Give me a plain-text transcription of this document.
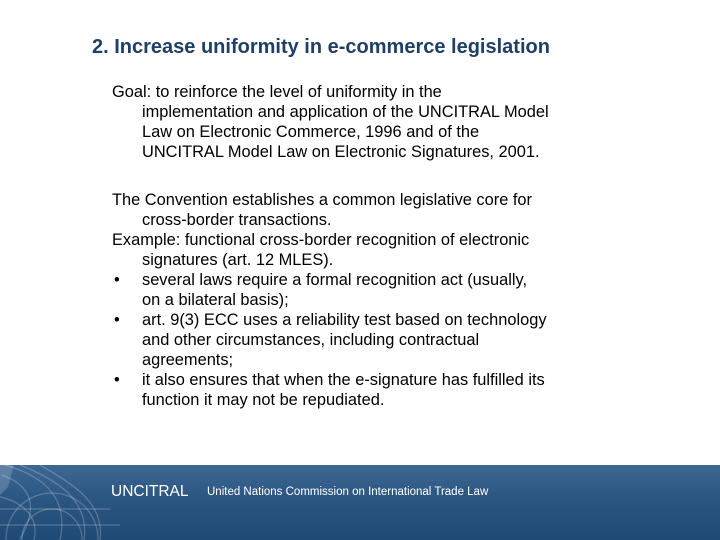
2. Increase uniformity in e-commerce legislation
Goal: to reinforce the level of uniformity in the
implementation and application of the UNCITRAL Model
Law on Electronic Commerce, 1996 and of the
UNCITRAL Model Law on Electronic Signatures, 2001.
The Convention establishes a common legislative core for
cross-border transactions.
Example: functional cross-border recognition of electronic
signatures (art. 12 MLES).
•	several laws require a formal recognition act (usually,
on a bilateral basis);
•	art. 9(3) ECC uses a reliability test based on technology
and other circumstances, including contractual
agreements;
•	it also ensures that when the e-signature has fulfilled its
function it may not be repudiated.
UNCITRAL United Nations Commission on International Trade Law
